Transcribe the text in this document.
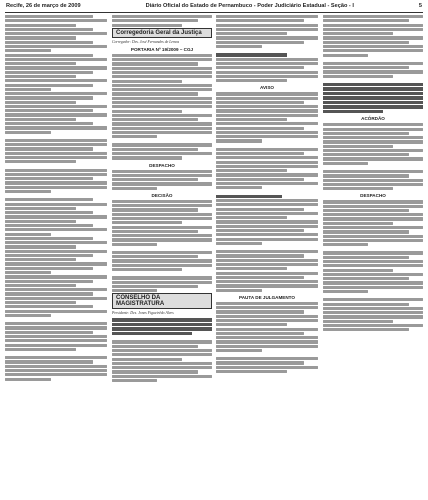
Recife, 26 de março de 2009	Diário Oficial do Estado de Pernambuco - Poder Judiciário Estadual - Seção - I	5
Corregedoria Geral da Justiça
Corregedor: Des. José Fernandes de Lemos
PORTARIA Nº 19/2009 – CGJ
DESPACHO
DECISÃO
CONSELHO DA MAGISTRATURA
Presidente: Des. Jones Figueirêdo Alves
AVISO
PAUTA DE JULGAMENTO
ACÓRDÃO
DESPACHO
